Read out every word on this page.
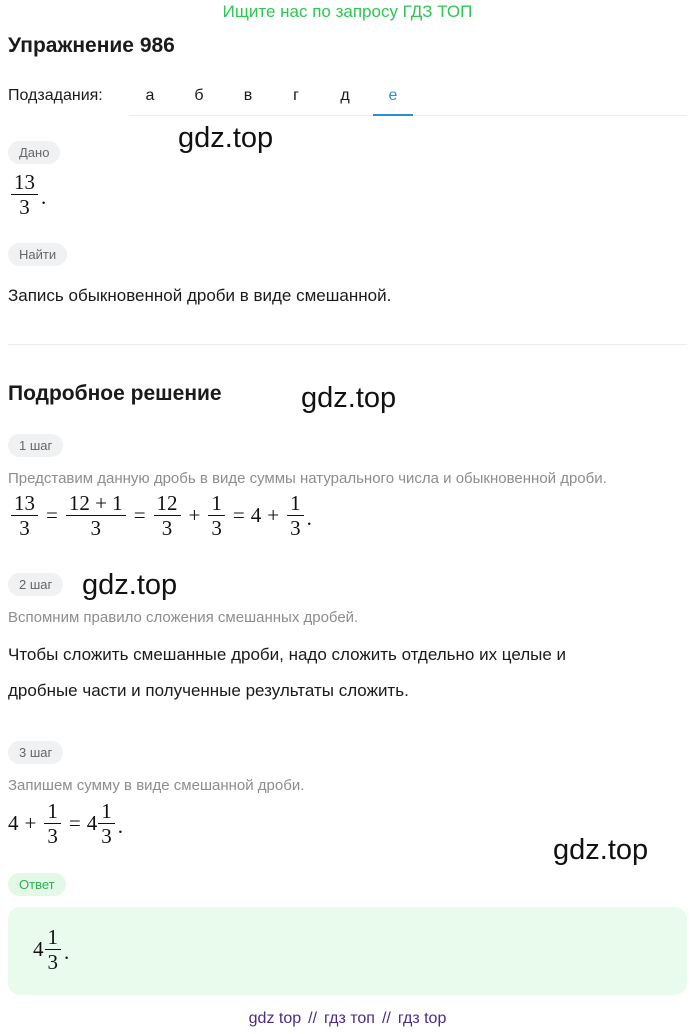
Ищите нас по запросу ГДЗ ТОП
Упражнение 986
Подзадания:	а	б	в	г	д	е
Дано	gdz.top
$\frac{13}{3}$ .
Найти
Запись обыкновенной дроби в виде смешанной.
Подробное решение	gdz.top
1 шаг
Представим данную дробь в виде суммы натурального числа и обыкновенной дроби.
$\frac{13}{3} = \frac{12 + 1}{3} = \frac{12}{3} + \frac{1}{3} = 4 + \frac{1}{3}$ .
2 шаг	gdz.top
Вспомним правило сложения смешанных дробей.
Чтобы сложить смешанные дроби, надо сложить отдельно их целые и
дробные части и полученные результаты сложить.
3 шаг
Запишем сумму в виде смешанной дроби.
$4 + \frac{1}{3} = 4 \frac{1}{3}$ .
gdz.top
Ответ
$4 \frac{1}{3}$ .
gdz top // гдз топ // гдз top
